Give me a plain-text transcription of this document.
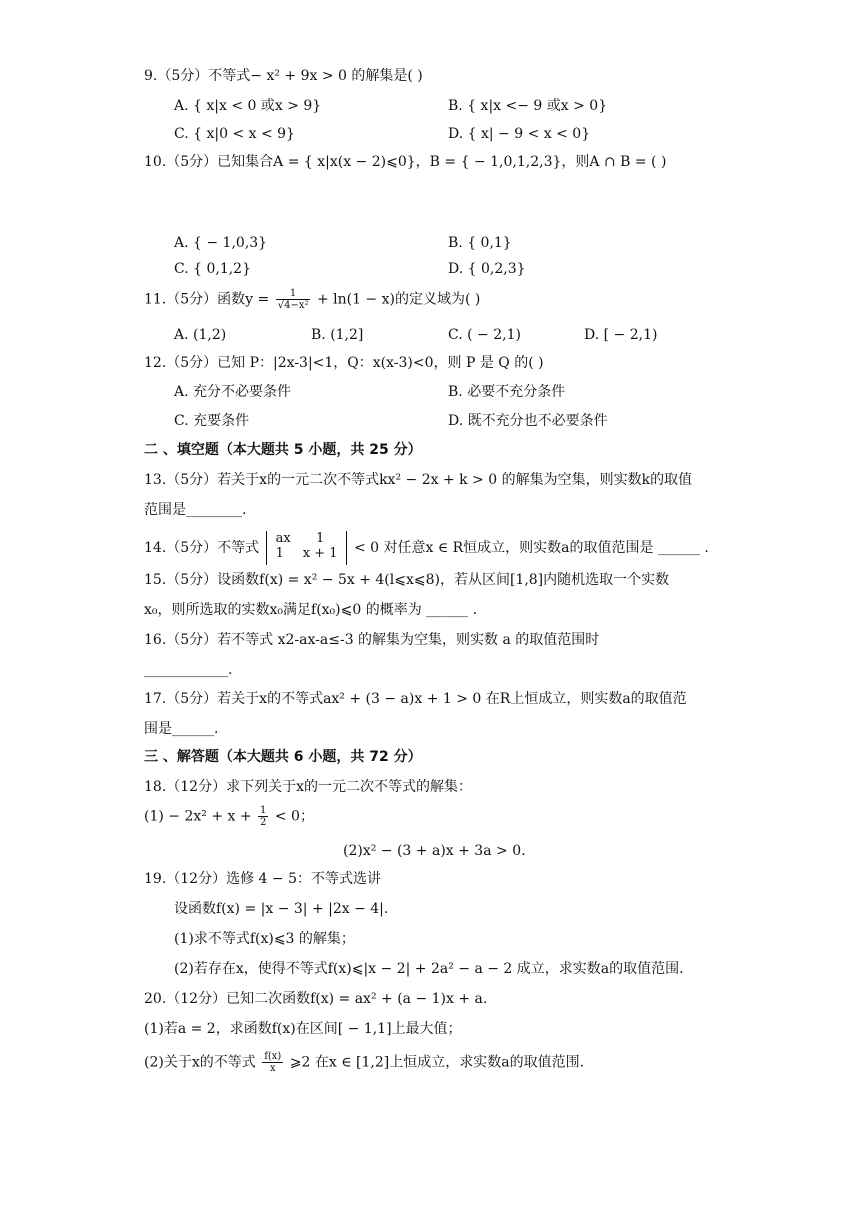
9.（5分）不等式− x² + 9x > 0 的解集是( )
A. { x|x < 0 或x > 9}	B. { x|x <− 9 或x > 0}
C. { x|0 < x < 9}	D. { x| − 9 < x < 0}
10.（5分）已知集合A = { x|x(x − 2)⩽0}，B = { − 1,0,1,2,3}，则A ∩ B = ( )
A. { − 1,0,3}	B. { 0,1}
C. { 0,1,2}	D. { 0,2,3}
11.（5分）函数$y = \frac{1}{\text{√4−x²}} + \ln(1 - x)$的定义域为( )
A. (1,2)	B. (1,2]	C. ( − 2,1)	D. [ − 2,1)
12.（5分）已知 P：|2x-3|<1，Q：x(x-3)<0，则 P 是 Q 的( )
A. 充分不必要条件	B. 必要不充分条件
C. 充要条件	D. 既不充分也不必要条件
二 、填空题（本大题共 5 小题，共 25 分）
13.（5分）若关于x的一元二次不等式kx² − 2x + k > 0 的解集为空集，则实数k的取值
范围是________.
14.（5分）不等式
ax	1
1	x + 1 < 0 对任意x ∈ R恒成立，则实数a的取值范围是 ______ .
15.（5分）设函数f(x) = x² − 5x + 4(l⩽x⩽8)，若从区间[1,8]内随机选取一个实数
x₀，则所选取的实数x₀满足f(x₀)⩽0 的概率为 ______ .
16.（5分）若不等式 x2-ax-a≤-3 的解集为空集，则实数 a 的取值范围时
____________.
17.（5分）若关于x的不等式ax² + (3 − a)x + 1 > 0 在R上恒成立，则实数a的取值范
围是______.
三 、解答题（本大题共 6 小题，共 72 分）
18.（12分）求下列关于x的一元二次不等式的解集：
$(1) - 2x^2 + x + \frac{1}{2} < 0$；
(2)x² − (3 + a)x + 3a > 0.
19.（12分）选修 4 − 5：不等式选讲
设函数f(x) = |x − 3| + |2x − 4|.
(1)求不等式f(x)⩽3 的解集；
(2)若存在x，使得不等式f(x)⩽|x − 2| + 2a² − a − 2 成立，求实数a的取值范围.
20.（12分）已知二次函数f(x) = ax² + (a − 1)x + a.
(1)若a = 2，求函数f(x)在区间[ − 1,1]上最大值；
(2)关于x的不等式 $\frac{f(x)}{x}$ ⩾2 在x ∈ [1,2]上恒成立，求实数a的取值范围.
